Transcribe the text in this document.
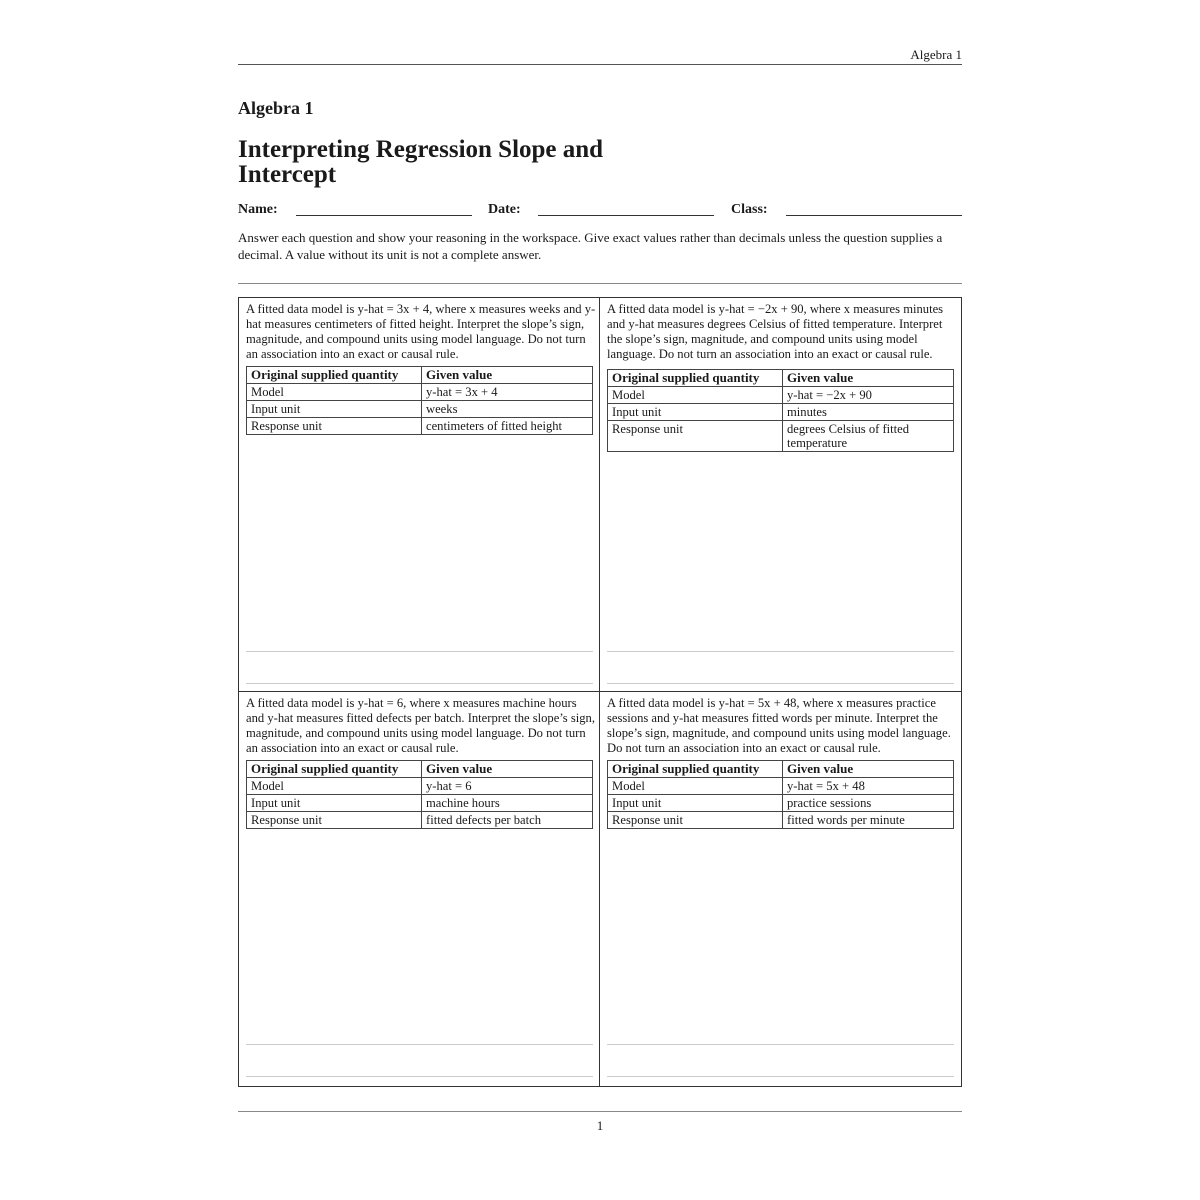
Algebra 1
Algebra 1
Interpreting Regression Slope and Intercept
Name:	Date:	Class:
Answer each question and show your reasoning in the workspace. Give exact values rather than decimals unless the question supplies a decimal. A value without its unit is not a complete answer.
A fitted data model is y-hat = 3x + 4, where x measures weeks and y-hat measures centimeters of fitted height. Interpret the slope’s sign, magnitude, and compound units using model language. Do not turn an association into an exact or causal rule.
Original supplied quantity	Given value
Model	y-hat = 3x + 4
Input unit	weeks
Response unit	centimeters of fitted height
A fitted data model is y-hat = −2x + 90, where x measures minutes and y-hat measures degrees Celsius of fitted temperature. Interpret the slope’s sign, magnitude, and compound units using model language. Do not turn an association into an exact or causal rule.
Original supplied quantity	Given value
Model	y-hat = −2x + 90
Input unit	minutes
Response unit	degrees Celsius of fitted temperature
A fitted data model is y-hat = 6, where x measures machine hours and y-hat measures fitted defects per batch. Interpret the slope’s sign, magnitude, and compound units using model language. Do not turn an association into an exact or causal rule.
Original supplied quantity	Given value
Model	y-hat = 6
Input unit	machine hours
Response unit	fitted defects per batch
A fitted data model is y-hat = 5x + 48, where x measures practice sessions and y-hat measures fitted words per minute. Interpret the slope’s sign, magnitude, and compound units using model language. Do not turn an association into an exact or causal rule.
Original supplied quantity	Given value
Model	y-hat = 5x + 48
Input unit	practice sessions
Response unit	fitted words per minute
1
